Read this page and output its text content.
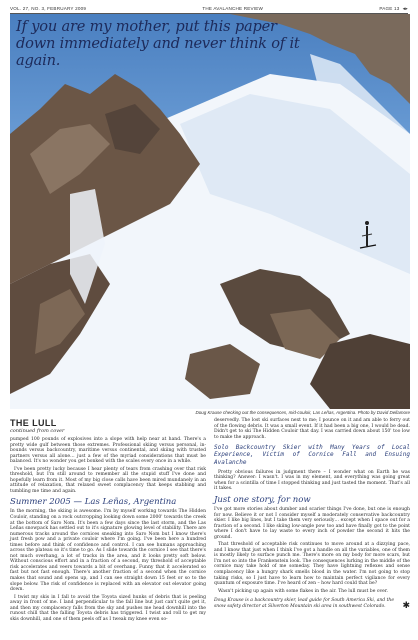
VOL. 27, NO. 3, FEBRUARY 2009	THE AVALANCHE REVIEW	PAGE 13 ◂▸
If you are my mother, put this paper down immediately and never think of it again.
Doug Krause checking out the consequences, mid-couloir, Las Leñas, Argentina. Photo by David Dellamore
THE LULL
continued from cover

pumped 100 pounds of explosives into a slope with help near at hand. There's a pretty wide gulf between those extremes. Professional skiing versus personal, in-bounds versus backcountry, maritime versus continental, and skiing with trusted partners versus all alone… just a few of the myriad considerations that must be balanced. It's no wonder you get bonked with the scales every once in a while.

I've been pretty lucky because I hear plenty of tears from crashing over that risk threshold, but I'm still around to remember all the stupid stuff I've done and hopefully learn from it. Most of my big close calls have been mired mundanely in an attitude of relaxation, that relaxed sweet complacency that keeps stabbing and tumbling me time and again.

Summer 2005 — Las Leñas, Argentina

In the morning, the skiing is awesome. I'm by myself working towards The Hidden Couloir, standing on a rock outcropping looking down some 2000' towards the creek at the bottom of Saro Nom. It's been a few days since the last storm, and the Las Leñas snowpack has settled out to it's signature glowing level of stability. There are numerous tracks around the cornices sneaking into Saro Nom but I know there's just fresh pow and a private couloir where I'm going. I've been here a hundred times before and think of confidence and control. I can see humans approaching across the plateau so it's time to go. As I slide towards the cornice I see that there's not much overhang, a lot of tracks in the area, and it looks pretty soft below. Without conscious effort and in a fraction of a second, my threshold of acceptable risk accelerates and veers towards a bit of overhang. Funny that it accelerated so fast but not fast enough. There's another fraction of a second when the cornice makes that sound and opens up, and I can see straight down 15 feet or so to the slope below. The risk of confidence is replaced with an elevator out elevator going down.

I twist my skis in I fall to avoid the Toyota sized hunks of debris that is peeling away in front of me. I land perpendicular to the fall line but just can't quite get it, and then my complacency falls from the sky and pushes me head downhill into the runout chill that the falling Toyota debris has triggered. I twist and roll to get my skis downhill, and one of them peels off as I tweak my knee even so-

deservedly. The lost ski surfaces next to me; I pounce on it and am able to ferry out of the flowing debris. It was a small event. If it had been a big one, I would be dead. Didn't get to ski The Hidden Couloir that day. I was carried down about 150' too low to make the approach.

Solo Backcountry Skier with Many Years of Local Experience, Victim of Cornice Fall and Ensuing Avalanche

Pretty obvious failures in judgment there – I wonder what on Earth he was thinking? Answer: I wasn't. I was in my element, and everything was going great when for a scintilla of time I stopped thinking and just tasted the moment. That's all it takes.

Just one story, for now

I've got more stories about dumber and scarier things I've done, but one is enough for now. Believe it or not I consider myself a moderately conservative backcountry skier. I like big lines, but I take them very seriously… except when I space out for a fraction of a second. I like skiing low-angle pow too and have finally got to the point where I don't have to lay waste to every inch of powder the second it hits the ground.

That threshold of acceptable risk continues to move around at a dizzying pace, and I know that just when I think I've got a handle on all the variables, one of them is mostly likely to surface punch me. There's more on my body for more scars, but I'm not so into the Frankenstein look. The consequences lurking in the middle of the cornice may take hold of me someday. They have lightning reflexes and sense complacency like a hungry shark smells blood in the water. I'm not going to stop taking risks, so I just have to learn how to maintain perfect vigilance for every quantum of exposure time. I've heard of zen – how hard could that be?

Wasn't picking up again with some flakes in the air. The lull must be over.

Doug Krause is a backcountry skier, lead guide for South America Ski, and the snow safety director at Silverton Mountain ski area in southwest Colorado.	✱
